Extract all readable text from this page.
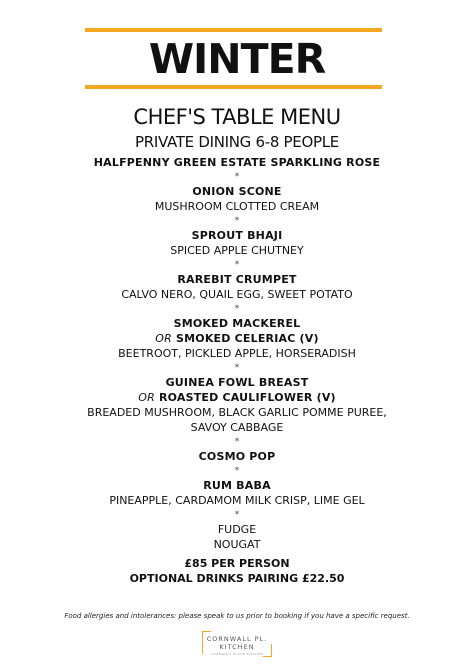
WINTER
CHEF'S TABLE MENU
PRIVATE DINING 6-8 PEOPLE
HALFPENNY GREEN ESTATE SPARKLING ROSE
*
ONION SCONE
MUSHROOM CLOTTED CREAM
*
SPROUT BHAJI
SPICED APPLE CHUTNEY
*
RAREBIT CRUMPET
CALVO NERO, QUAIL EGG, SWEET POTATO
*
SMOKED MACKEREL
OR SMOKED CELERIAC (V)
BEETROOT, PICKLED APPLE, HORSERADISH
*
GUINEA FOWL BREAST
OR ROASTED CAULIFLOWER (V)
BREADED MUSHROOM, BLACK GARLIC POMME PUREE,
SAVOY CABBAGE
*
COSMO POP
*
RUM BABA
PINEAPPLE, CARDAMOM MILK CRISP, LIME GEL
*
FUDGE
NOUGAT
£85 PER PERSON
OPTIONAL DRINKS PAIRING £22.50
Food allergies and intolerances: please speak to us prior to booking if you have a specific request.
CORNWALL PL.
KITCHEN
CORNWALL PLACE KITCHEN
